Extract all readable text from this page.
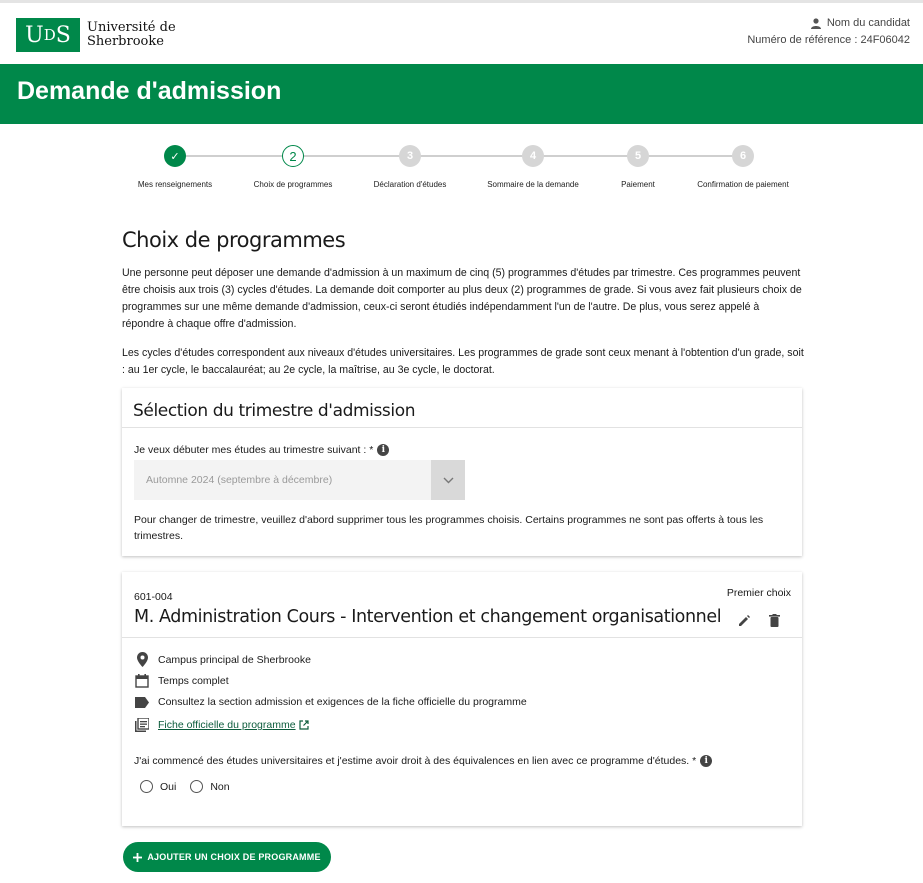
U D S	Université de
Sherbrooke
Nom du candidat
Numéro de référence : 24F06042
Demande d'admission
✓
Mes renseignements
2
Choix de programmes
3
Déclaration d'études
4
Sommaire de la demande
5
Paiement
6
Confirmation de paiement
Choix de programmes

Une personne peut déposer une demande d'admission à un maximum de cinq (5) programmes d'études par trimestre. Ces programmes peuvent être choisis aux trois (3) cycles d'études. La demande doit comporter au plus deux (2) programmes de grade. Si vous avez fait plusieurs choix de programmes sur une même demande d'admission, ceux-ci seront étudiés indépendamment l'un de l'autre. De plus, vous serez appelé à répondre à chaque offre d'admission.

Les cycles d'études correspondent aux niveaux d'études universitaires. Les programmes de grade sont ceux menant à l'obtention d'un grade, soit : au 1er cycle, le baccalauréat; au 2e cycle, la maîtrise, au 3e cycle, le doctorat.

Sélection du trimestre d'admission
Je veux débuter mes études au trimestre suivant : * i
Automne 2024 (septembre à décembre)
Pour changer de trimestre, veuillez d'abord supprimer tous les programmes choisis. Certains programmes ne sont pas offerts à tous les trimestres.
601-004	Premier choix
M. Administration Cours - Intervention et changement organisationnel
Campus principal de Sherbrooke
Temps complet
Consultez la section admission et exigences de la fiche officielle du programme
Fiche officielle du programme
J'ai commencé des études universitaires et j'estime avoir droit à des équivalences en lien avec ce programme d'études. * i
Oui	Non
AJOUTER UN CHOIX DE PROGRAMME
